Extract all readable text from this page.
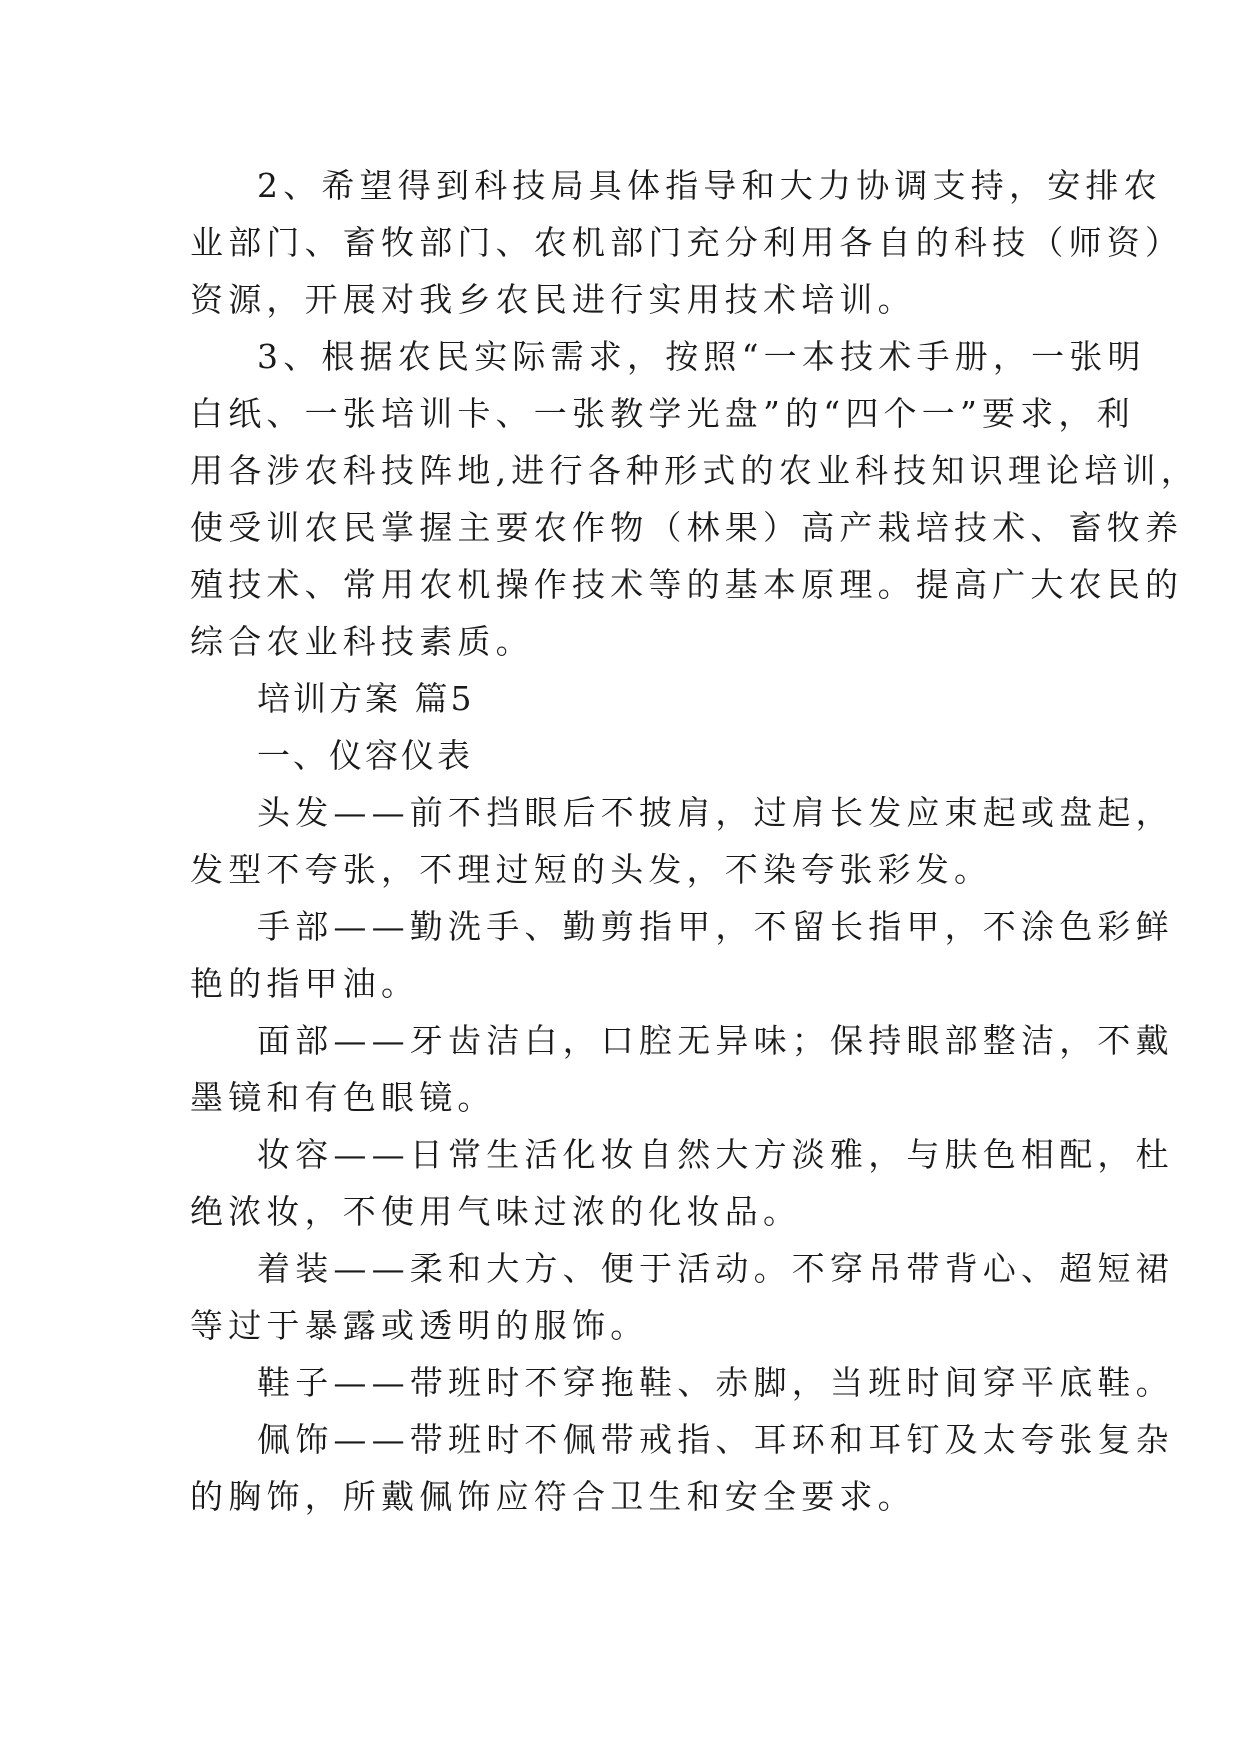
2、希望得到科技局具体指导和大力协调支持，安排农
业部门、畜牧部门、农机部门充分利用各自的科技（师资）
资源，开展对我乡农民进行实用技术培训。
3、根据农民实际需求，按照“一本技术手册，一张明
白纸、一张培训卡、一张教学光盘”的“四个一”要求，利
用各涉农科技阵地,进行各种形式的农业科技知识理论培训，
使受训农民掌握主要农作物（林果）高产栽培技术、畜牧养
殖技术、常用农机操作技术等的基本原理。提高广大农民的
综合农业科技素质。
培训方案 篇5
一、仪容仪表
头发——前不挡眼后不披肩，过肩长发应束起或盘起，
发型不夸张，不理过短的头发，不染夸张彩发。
手部——勤洗手、勤剪指甲，不留长指甲，不涂色彩鲜
艳的指甲油。
面部——牙齿洁白，口腔无异味；保持眼部整洁，不戴
墨镜和有色眼镜。
妆容——日常生活化妆自然大方淡雅，与肤色相配，杜
绝浓妆，不使用气味过浓的化妆品。
着装——柔和大方、便于活动。不穿吊带背心、超短裙
等过于暴露或透明的服饰。
鞋子——带班时不穿拖鞋、赤脚，当班时间穿平底鞋。
佩饰——带班时不佩带戒指、耳环和耳钉及太夸张复杂
的胸饰，所戴佩饰应符合卫生和安全要求。
